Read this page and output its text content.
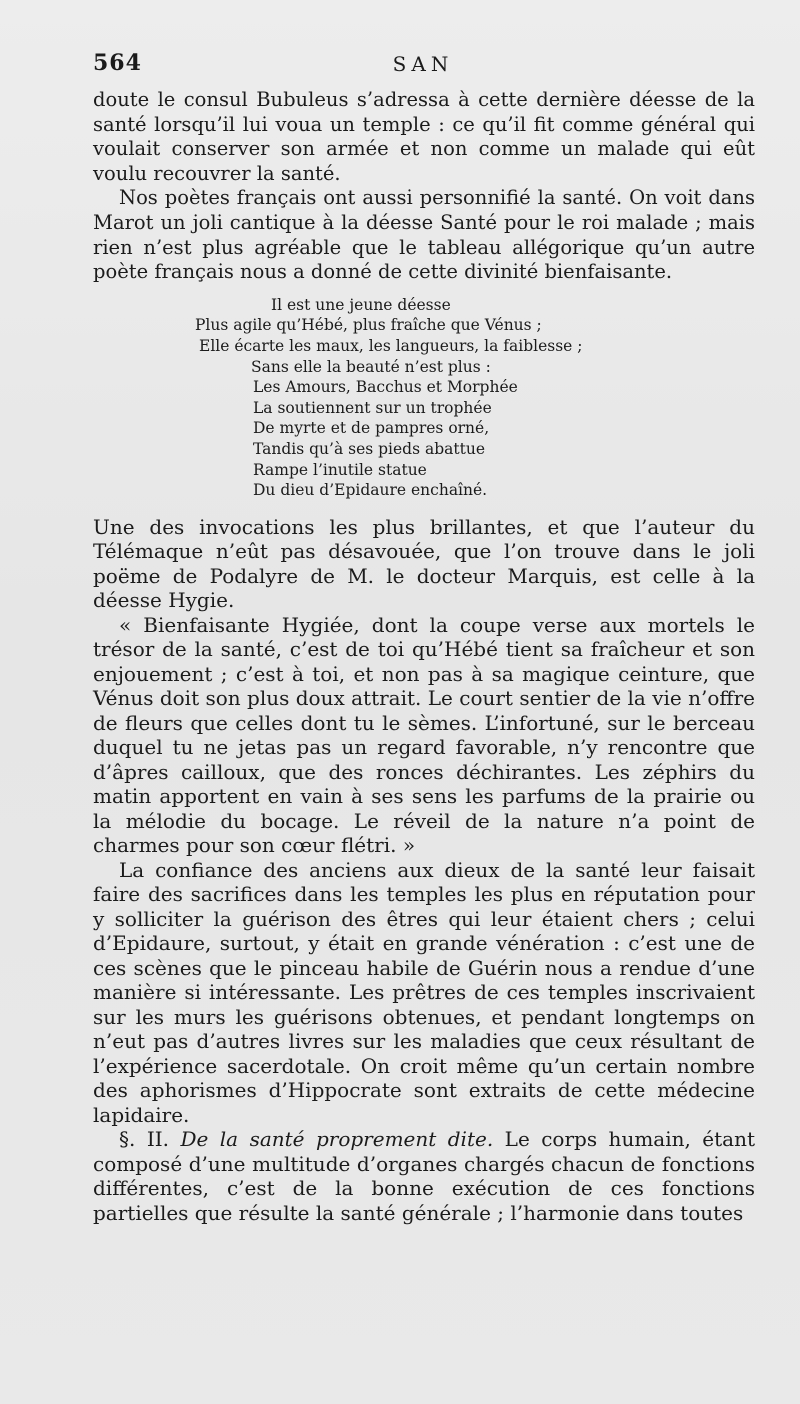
564	SAN

doute le consul Bubuleus s’adressa à cette dernière déesse de la santé lorsqu’il lui voua un temple : ce qu’il fit comme général qui voulait conserver son armée et non comme un malade qui eût voulu recouvrer la santé.

Nos poètes français ont aussi personnifié la santé. On voit dans Marot un joli cantique à la déesse Santé pour le roi malade ; mais rien n’est plus agréable que le tableau allégorique qu’un autre poète français nous a donné de cette divinité bienfaisante.

Il est une jeune déesse
Plus agile qu’Hébé, plus fraîche que Vénus ;
Elle écarte les maux, les langueurs, la faiblesse ;
Sans elle la beauté n’est plus :
Les Amours, Bacchus et Morphée
La soutiennent sur un trophée
De myrte et de pampres orné,
Tandis qu’à ses pieds abattue
Rampe l’inutile statue
Du dieu d’Epidaure enchaîné.

Une des invocations les plus brillantes, et que l’auteur du Télémaque n’eût pas désavouée, que l’on trouve dans le joli poëme de Podalyre de M. le docteur Marquis, est celle à la déesse Hygie.

« Bienfaisante Hygiée, dont la coupe verse aux mortels le trésor de la santé, c’est de toi qu’Hébé tient sa fraîcheur et son enjouement ; c’est à toi, et non pas à sa magique ceinture, que Vénus doit son plus doux attrait. Le court sentier de la vie n’offre de fleurs que celles dont tu le sèmes. L’infortuné, sur le berceau duquel tu ne jetas pas un regard favorable, n’y rencontre que d’âpres cailloux, que des ronces déchirantes. Les zéphirs du matin apportent en vain à ses sens les parfums de la prairie ou la mélodie du bocage. Le réveil de la nature n’a point de charmes pour son cœur flétri. »

La confiance des anciens aux dieux de la santé leur faisait faire des sacrifices dans les temples les plus en réputation pour y solliciter la guérison des êtres qui leur étaient chers ; celui d’Epidaure, surtout, y était en grande vénération : c’est une de ces scènes que le pinceau habile de Guérin nous a rendue d’une manière si intéressante. Les prêtres de ces temples inscrivaient sur les murs les guérisons obtenues, et pendant longtemps on n’eut pas d’autres livres sur les maladies que ceux résultant de l’expérience sacerdotale. On croit même qu’un certain nombre des aphorismes d’Hippocrate sont extraits de cette médecine lapidaire.

§. II. De la santé proprement dite. Le corps humain, étant composé d’une multitude d’organes chargés chacun de fonctions différentes, c’est de la bonne exécution de ces fonctions partielles que résulte la santé générale ; l’harmonie dans toutes
